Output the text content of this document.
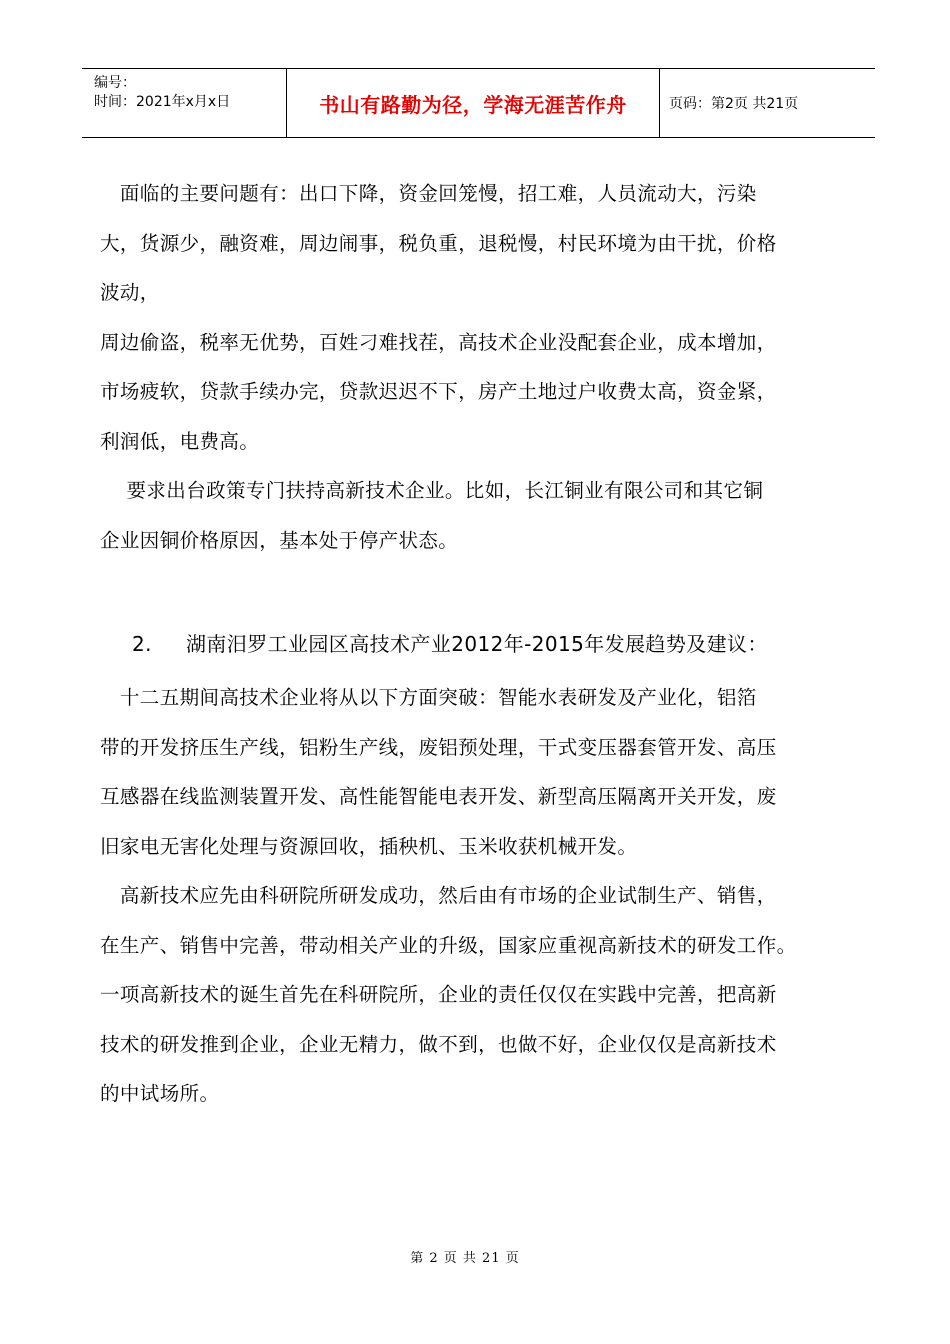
编号：
时间：2021年x月x日	书山有路勤为径，学海无涯苦作舟	页码：第2页 共21页
　面临的主要问题有：出口下降，资金回笼慢，招工难，人员流动大，污染
大，货源少，融资难，周边闹事，税负重，退税慢，村民环境为由干扰，价格
波动，
周边偷盗，税率无优势，百姓刁难找茬，高技术企业没配套企业，成本增加，
市场疲软，贷款手续办完，贷款迟迟不下，房产土地过户收费太高，资金紧，
利润低，电费高。
　 要求出台政策专门扶持高新技术企业。比如，长江铜业有限公司和其它铜
企业因铜价格原因，基本处于停产状态。
2. 湖南汨罗工业园区高技术产业2012年-2015年发展趋势及建议：
　十二五期间高技术企业将从以下方面突破：智能水表研发及产业化，铝箔
带的开发挤压生产线，铝粉生产线，废铝预处理，干式变压器套管开发、高压
互感器在线监测装置开发、高性能智能电表开发、新型高压隔离开关开发，废
旧家电无害化处理与资源回收，插秧机、玉米收获机械开发。
　高新技术应先由科研院所研发成功，然后由有市场的企业试制生产、销售，
在生产、销售中完善，带动相关产业的升级，国家应重视高新技术的研发工作。
一项高新技术的诞生首先在科研院所，企业的责任仅仅在实践中完善，把高新
技术的研发推到企业，企业无精力，做不到，也做不好，企业仅仅是高新技术
的中试场所。
第 2 页 共 21 页
